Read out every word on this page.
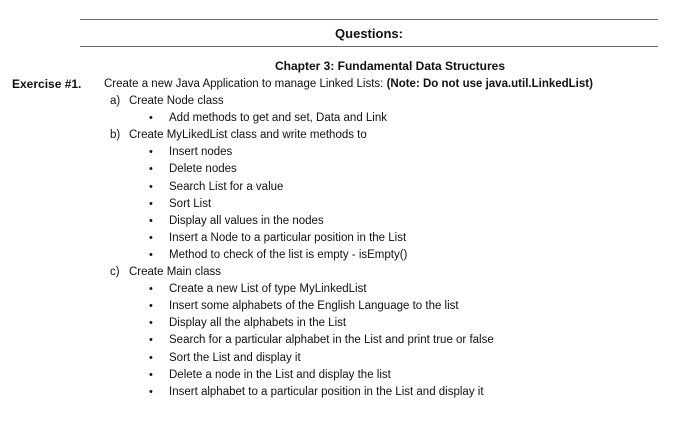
Questions:
Chapter 3: Fundamental Data Structures
Exercise #1. Create a new Java Application to manage Linked Lists: (Note: Do not use java.util.LinkedList)
a) Create Node class
• Add methods to get and set, Data and Link
b) Create MyLikedList class and write methods to
• Insert nodes
• Delete nodes
• Search List for a value
• Sort List
• Display all values in the nodes
• Insert a Node to a particular position in the List
• Method to check of the list is empty - isEmpty()
c) Create Main class
• Create a new List of type MyLinkedList
• Insert some alphabets of the English Language to the list
• Display all the alphabets in the List
• Search for a particular alphabet in the List and print true or false
• Sort the List and display it
• Delete a node in the List and display the list
• Insert alphabet to a particular position in the List and display it
